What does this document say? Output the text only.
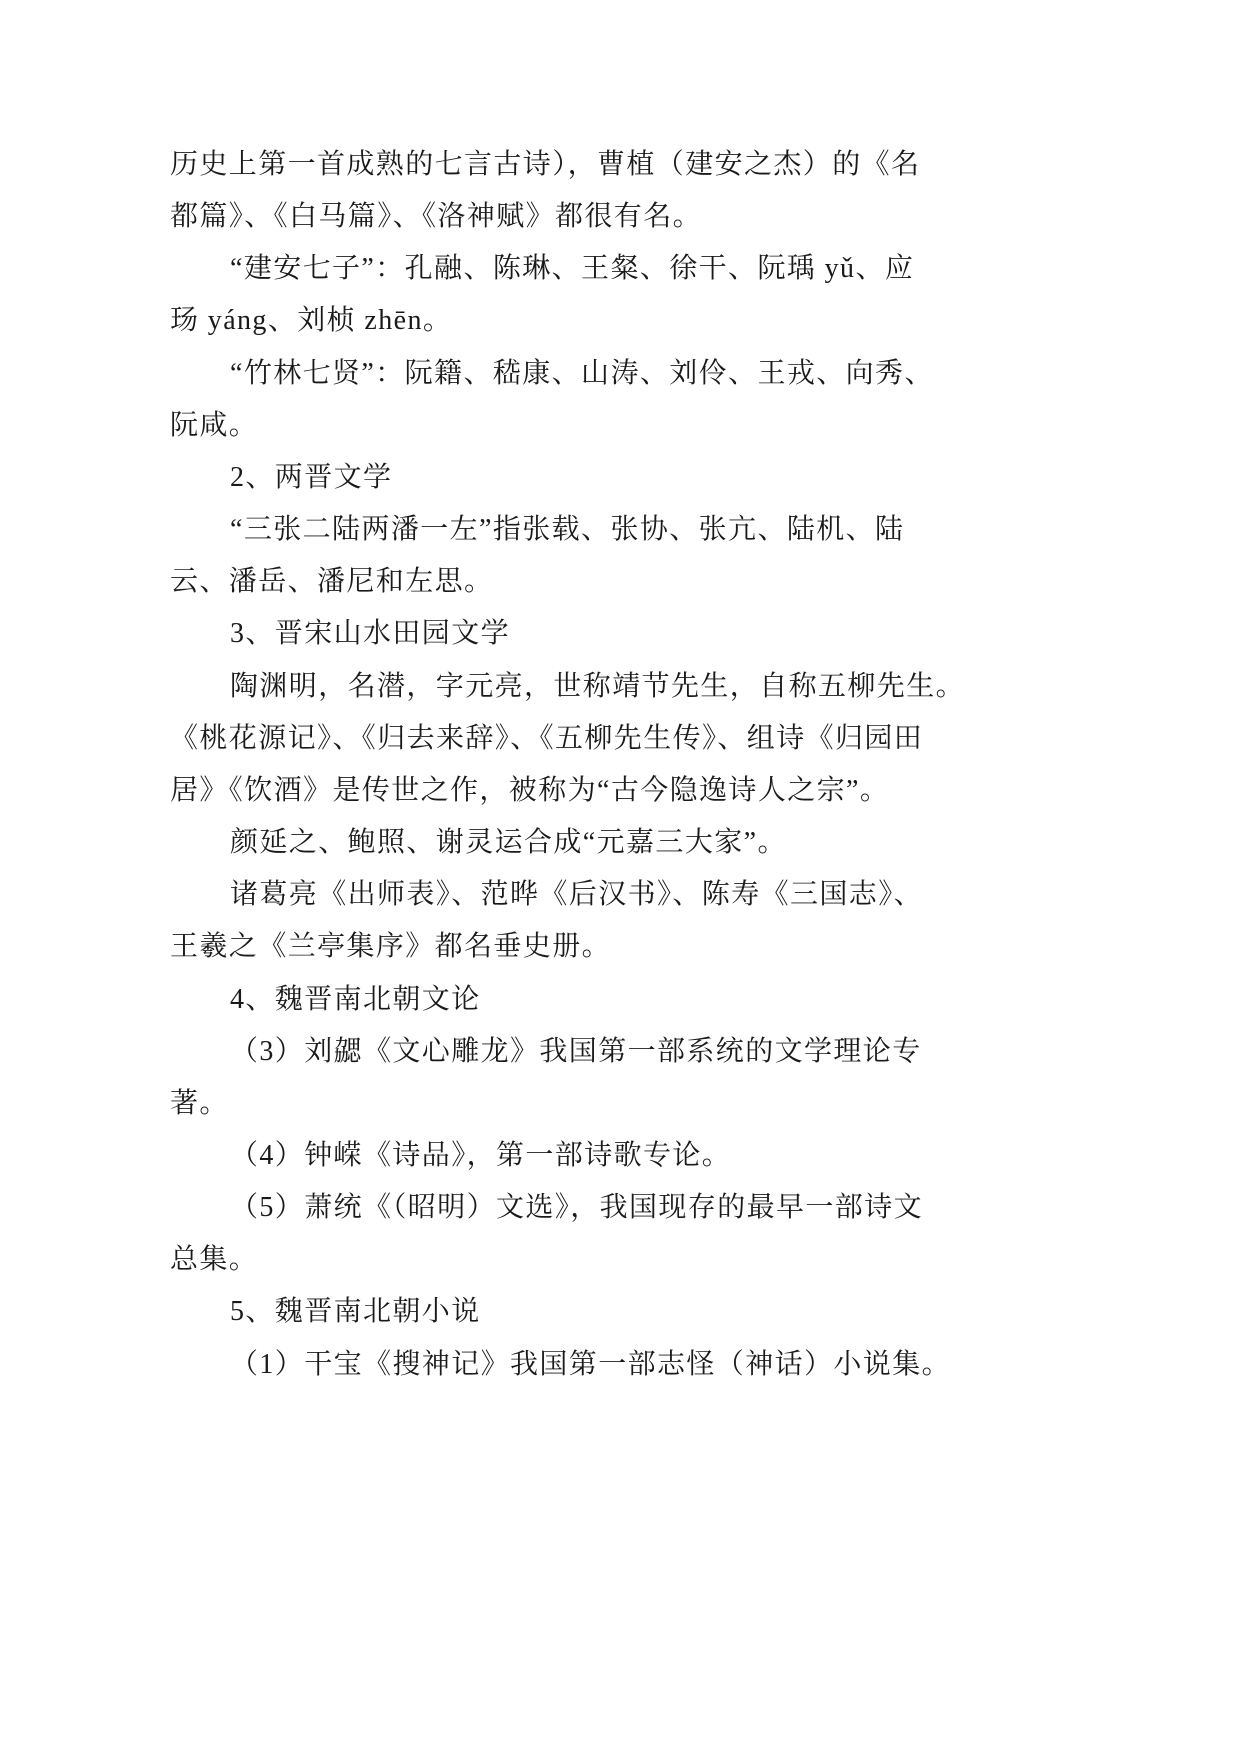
历史上第一首成熟的七言古诗），曹植（建安之杰）的《名
都篇》、《白马篇》、《洛神赋》都很有名。
“建安七子”：孔融、陈琳、王粲、徐干、阮瑀 yǔ、应
玚 yáng、刘桢 zhēn。
“竹林七贤”：阮籍、嵇康、山涛、刘伶、王戎、向秀、
阮咸。
2、两晋文学
“三张二陆两潘一左”指张载、张协、张亢、陆机、陆
云、潘岳、潘尼和左思。
3、晋宋山水田园文学
陶渊明，名潜，字元亮，世称靖节先生，自称五柳先生。
《桃花源记》、《归去来辞》、《五柳先生传》、组诗《归园田
居》《饮酒》是传世之作，被称为“古今隐逸诗人之宗”。
颜延之、鲍照、谢灵运合成“元嘉三大家”。
诸葛亮《出师表》、范晔《后汉书》、陈寿《三国志》、
王羲之《兰亭集序》都名垂史册。
4、魏晋南北朝文论
（3）刘勰《文心雕龙》我国第一部系统的文学理论专
著。
（4）钟嵘《诗品》，第一部诗歌专论。
（5）萧统《（昭明）文选》，我国现存的最早一部诗文
总集。
5、魏晋南北朝小说
（1）干宝《搜神记》我国第一部志怪（神话）小说集。
